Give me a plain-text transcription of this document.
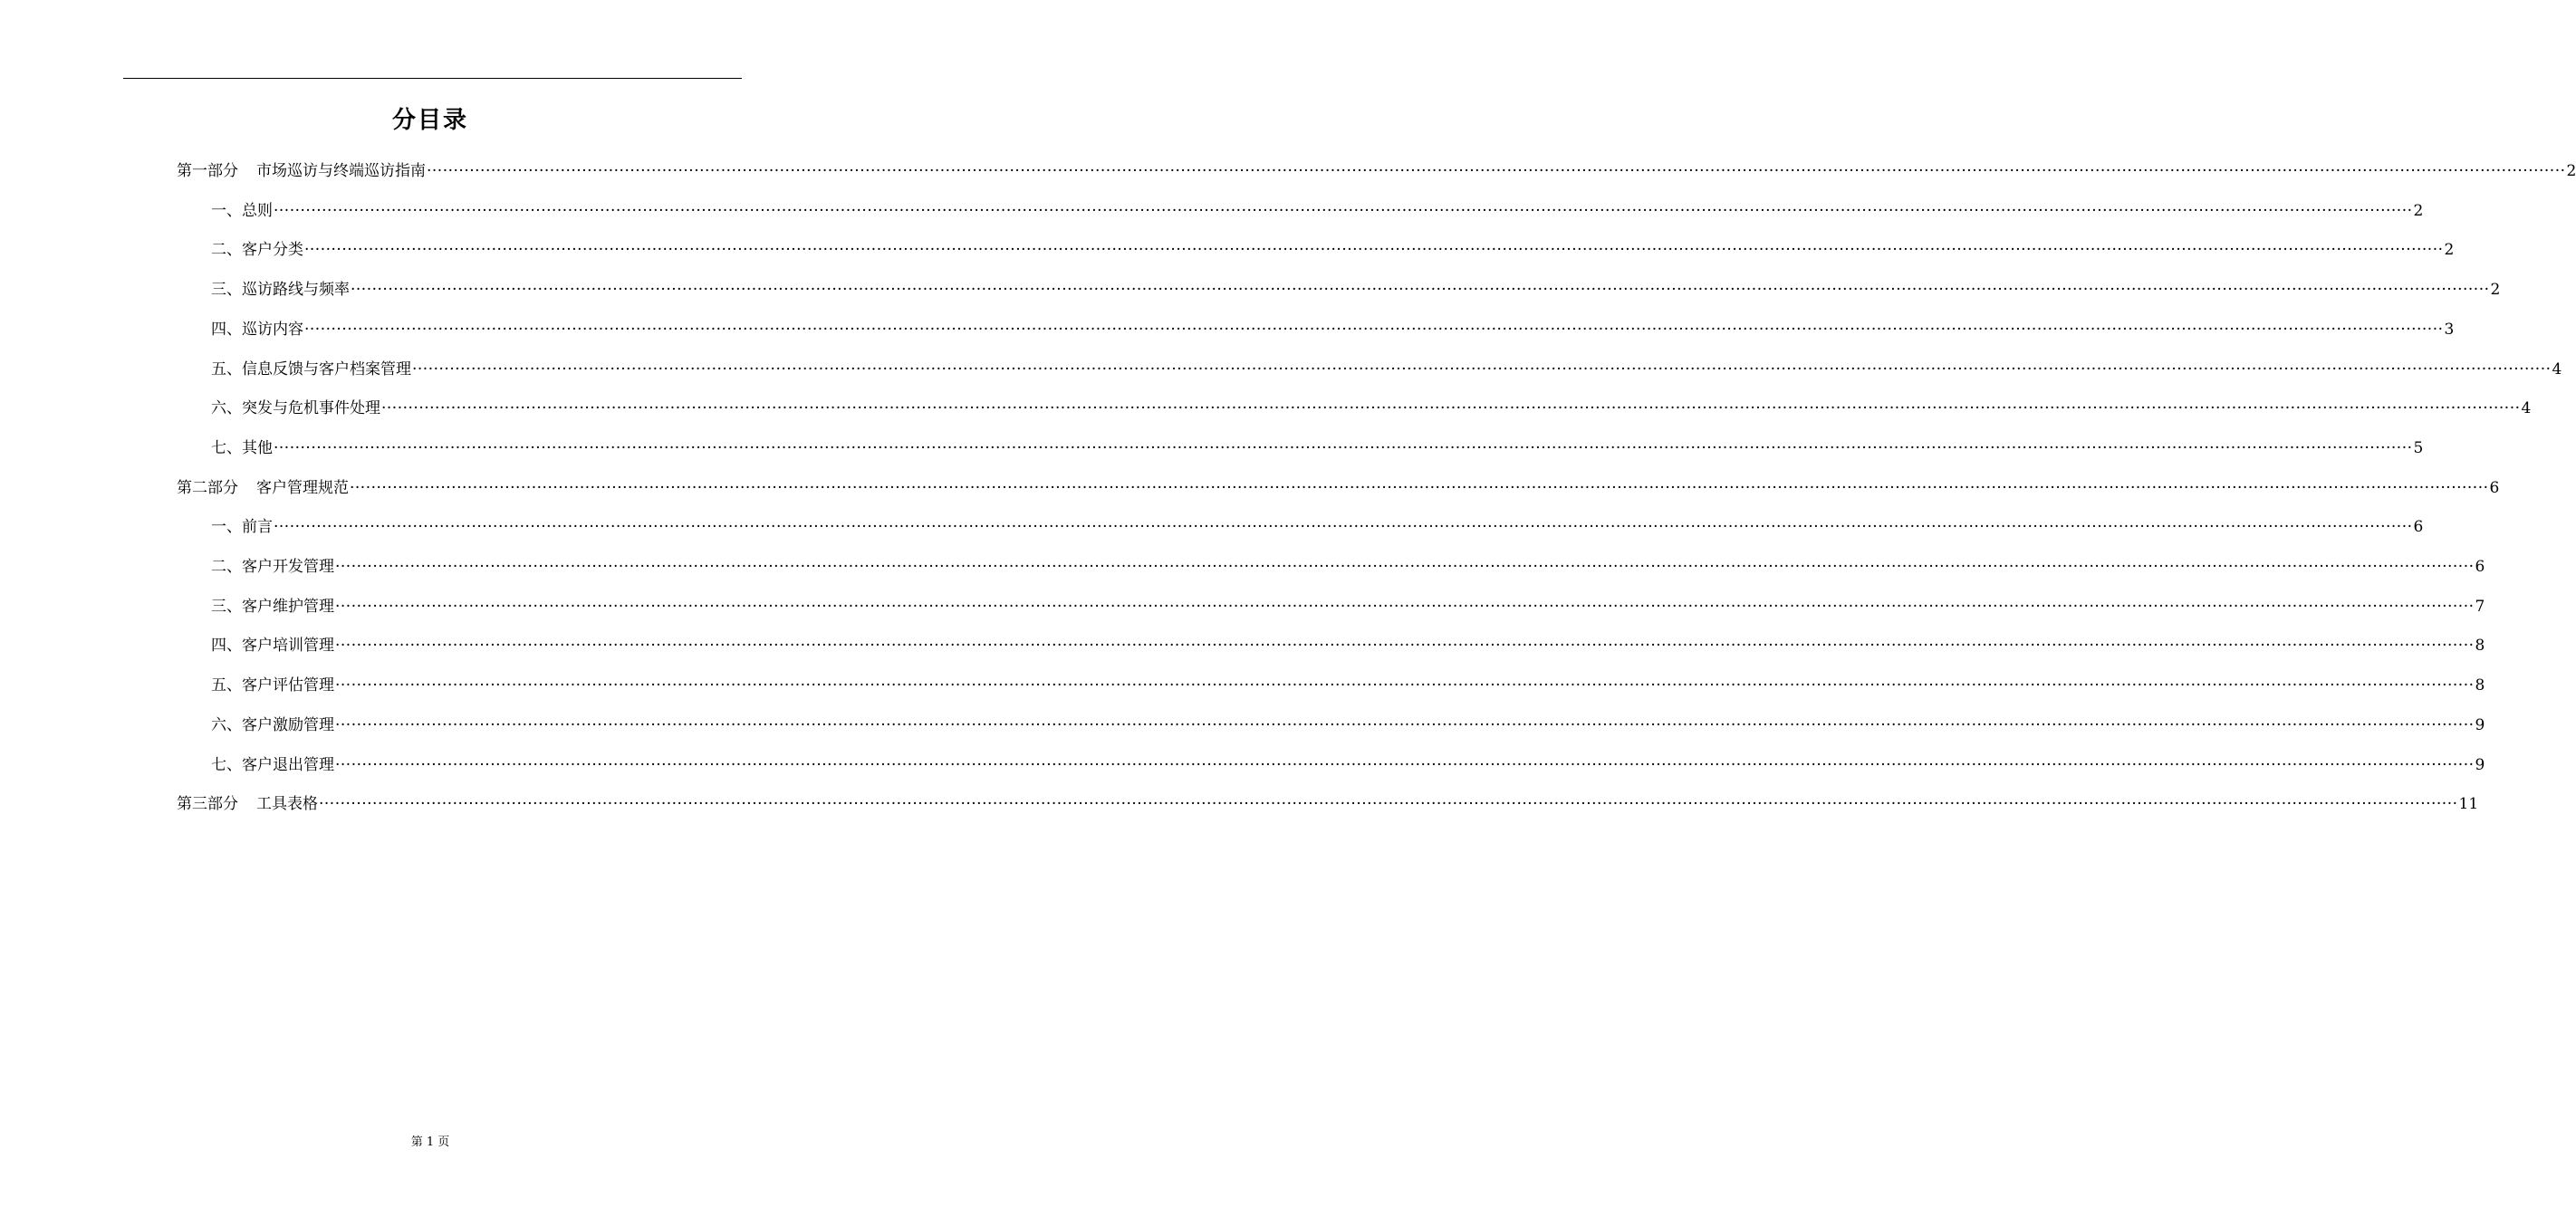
分目录
第一部分 市场巡访与终端巡访指南 ················································································································································································································································································································································································································ 2
一、总则 ················································································································································································································································································································································································································ 2
二、客户分类 ················································································································································································································································································································································································································ 2
三、巡访路线与频率 ················································································································································································································································································································································································································ 2
四、巡访内容 ················································································································································································································································································································································································································ 3
五、信息反馈与客户档案管理 ················································································································································································································································································································································································································ 4
六、突发与危机事件处理 ················································································································································································································································································································································································································ 4
七、其他 ················································································································································································································································································································································································································ 5
第二部分 客户管理规范 ················································································································································································································································································································································································································ 6
一、前言 ················································································································································································································································································································································································································ 6
二、客户开发管理 ················································································································································································································································································································································································································ 6
三、客户维护管理 ················································································································································································································································································································································································································ 7
四、客户培训管理 ················································································································································································································································································································································································································ 8
五、客户评估管理 ················································································································································································································································································································································································································ 8
六、客户激励管理 ················································································································································································································································································································································································································ 9
七、客户退出管理 ················································································································································································································································································································································································································ 9
第三部分 工具表格 ················································································································································································································································································································································································································ 11
第 1 页
